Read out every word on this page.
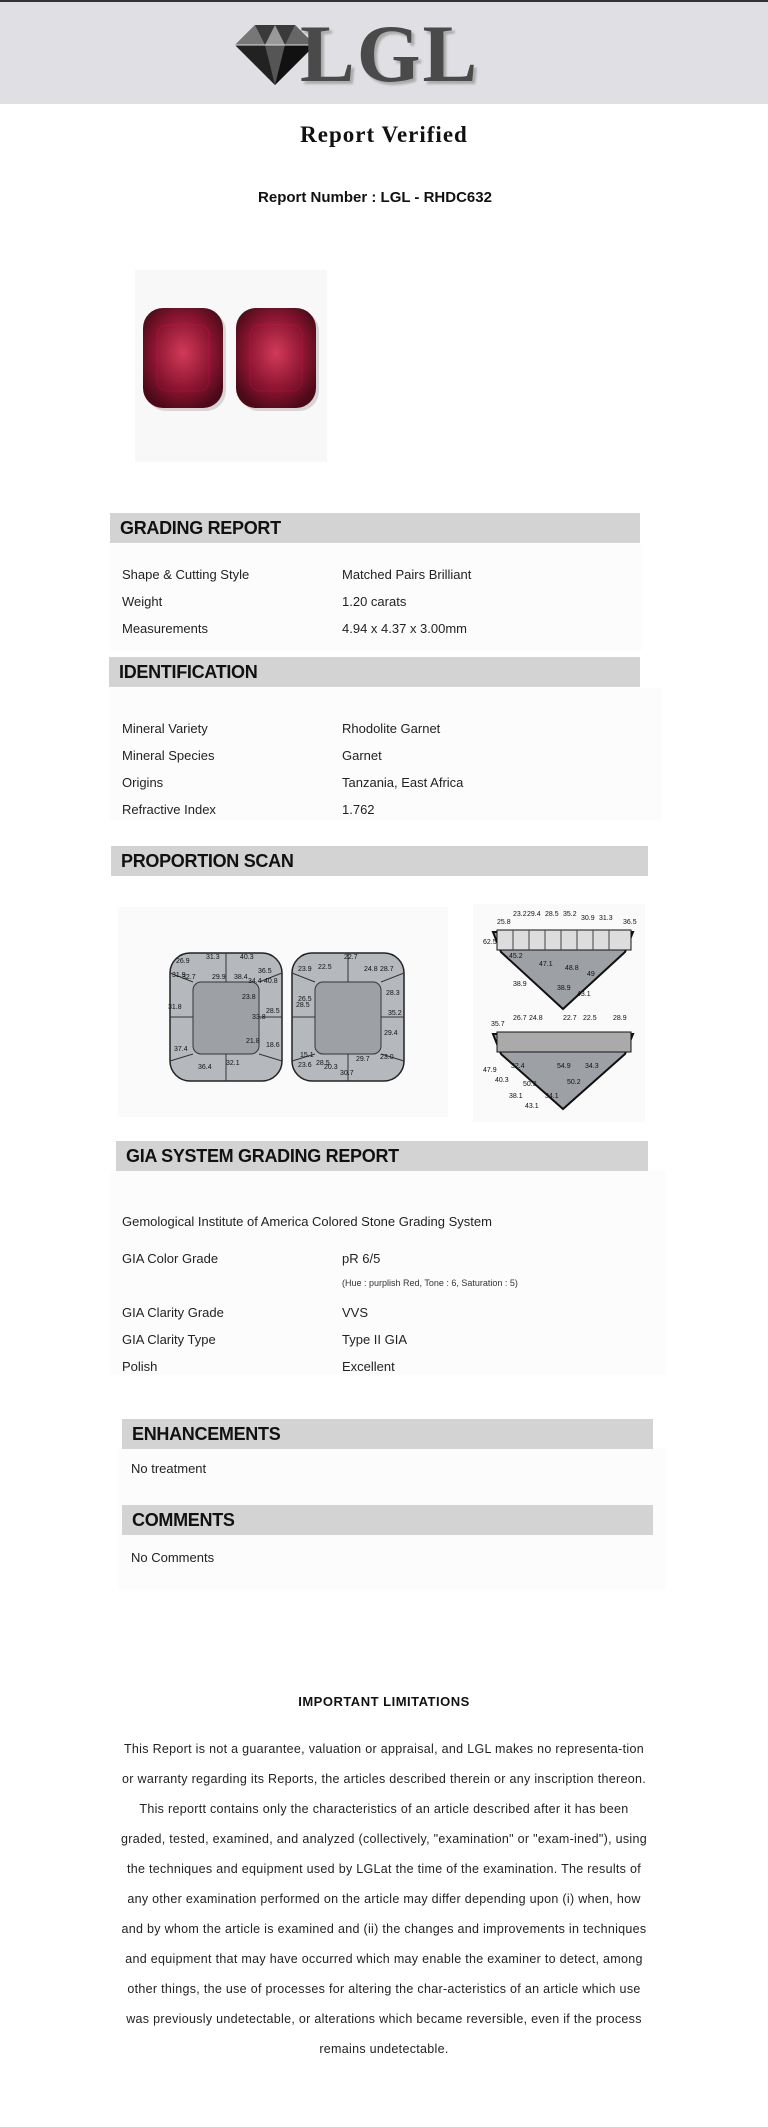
LGL
Report Verified
Report Number : LGL - RHDC632
GRADING REPORT
Shape & Cutting Style	Matched Pairs Brilliant
Weight	1.20 carats
Measurements	4.94 x 4.37 x 3.00mm
IDENTIFICATION
Mineral Variety	Rhodolite Garnet
Mineral Species	Garnet
Origins	Tanzania, East Africa
Refractive Index	1.762
PROPORTION SCAN
26.9
31.3	40.3
31.9
32.7 29.9 38.4
34.4
36.5
40.8
23.8
31.8
28.5
33.8
37.4
21.8
18.6
32.1
36.4
23.9 22.5
22.7
24.8 28.7
28.3
28.5
35.2
29.4
26.5
15.1
28.5
23.6 20.3
29.7
30.7
23.0
23.2 29.4 28.5 35.2
30.9 31.3
25.8	36.5
62.5
45.2
47.1
48.8
49
38.9
38.9
43.1
26.7 24.8	22.7 22.5 28.9
35.7
32.4	54.9 34.3
47.9
40.3
50.3	50.2
38.1	34.1
43.1
GIA SYSTEM GRADING REPORT
Gemological Institute of America Colored Stone Grading System
GIA Color Grade	pR 6/5
(Hue : purplish Red, Tone : 6, Saturation : 5)
GIA Clarity Grade	VVS
GIA Clarity Type	Type II GIA
Polish	Excellent
ENHANCEMENTS
No treatment
COMMENTS
No Comments
IMPORTANT LIMITATIONS
This Report is not a guarantee, valuation or appraisal, and LGL makes no representa-tion or warranty regarding its Reports, the articles described therein or any inscription thereon. This reportt contains only the characteristics of an article described after it has been graded, tested, examined, and analyzed (collectively, "examination" or "exam-ined"), using the techniques and equipment used by LGLat the time of the examination. The results of any other examination performed on the article may differ depending upon (i) when, how and by whom the article is examined and (ii) the changes and improvements in techniques and equipment that may have occurred which may enable the examiner to detect, among other things, the use of processes for altering the char-acteristics of an article which use was previously undetectable, or alterations which became reversible, even if the process remains undetectable.
